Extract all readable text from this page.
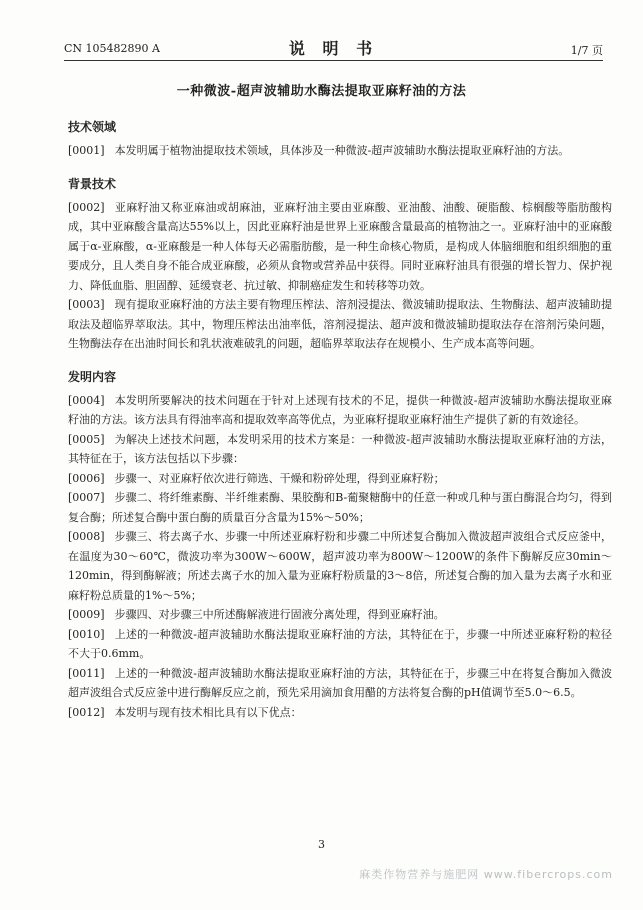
CN 105482890 A	说 明 书	1/7 页
一种微波-超声波辅助水酶法提取亚麻籽油的方法
技术领域

[0001] 本发明属于植物油提取技术领域，具体涉及一种微波-超声波辅助水酶法提取亚麻籽油的方法。

背景技术

[0002] 亚麻籽油又称亚麻油或胡麻油，亚麻籽油主要由亚麻酸、亚油酸、油酸、硬脂酸、棕榈酸等脂肪酸构成，其中亚麻酸含量高达55%以上，因此亚麻籽油是世界上亚麻酸含量最高的植物油之一。亚麻籽油中的亚麻酸属于α-亚麻酸，α-亚麻酸是一种人体每天必需脂肪酸，是一种生命核心物质，是构成人体脑细胞和组织细胞的重要成分，且人类自身不能合成亚麻酸，必须从食物或营养品中获得。同时亚麻籽油具有很强的增长智力、保护视力、降低血脂、胆固醇、延缓衰老、抗过敏、抑制癌症发生和转移等功效。

[0003] 现有提取亚麻籽油的方法主要有物理压榨法、溶剂浸提法、微波辅助提取法、生物酶法、超声波辅助提取法及超临界萃取法。其中，物理压榨法出油率低，溶剂浸提法、超声波和微波辅助提取法存在溶剂污染问题，生物酶法存在出油时间长和乳状液难破乳的问题，超临界萃取法存在规模小、生产成本高等问题。

发明内容

[0004] 本发明所要解决的技术问题在于针对上述现有技术的不足，提供一种微波-超声波辅助水酶法提取亚麻籽油的方法。该方法具有得油率高和提取效率高等优点，为亚麻籽提取亚麻籽油生产提供了新的有效途径。

[0005] 为解决上述技术问题，本发明采用的技术方案是：一种微波-超声波辅助水酶法提取亚麻籽油的方法，其特征在于，该方法包括以下步骤：

[0006] 步骤一、对亚麻籽依次进行筛选、干燥和粉碎处理，得到亚麻籽粉；

[0007] 步骤二、将纤维素酶、半纤维素酶、果胶酶和B-葡聚糖酶中的任意一种或几种与蛋白酶混合均匀，得到复合酶；所述复合酶中蛋白酶的质量百分含量为15%～50%；

[0008] 步骤三、将去离子水、步骤一中所述亚麻籽粉和步骤二中所述复合酶加入微波超声波组合式反应釜中，在温度为30～60℃，微波功率为300W～600W，超声波功率为800W～1200W的条件下酶解反应30min～120min，得到酶解液；所述去离子水的加入量为亚麻籽粉质量的3～8倍，所述复合酶的加入量为去离子水和亚麻籽粉总质量的1%～5%；

[0009] 步骤四、对步骤三中所述酶解液进行固液分离处理，得到亚麻籽油。

[0010] 上述的一种微波-超声波辅助水酶法提取亚麻籽油的方法，其特征在于，步骤一中所述亚麻籽粉的粒径不大于0.6mm。

[0011] 上述的一种微波-超声波辅助水酶法提取亚麻籽油的方法，其特征在于，步骤三中在将复合酶加入微波超声波组合式反应釜中进行酶解反应之前，预先采用滴加食用醋的方法将复合酶的pH值调节至5.0～6.5。

[0012] 本发明与现有技术相比具有以下优点：

3
麻类作物营养与施肥网 www.fibercrops.com
